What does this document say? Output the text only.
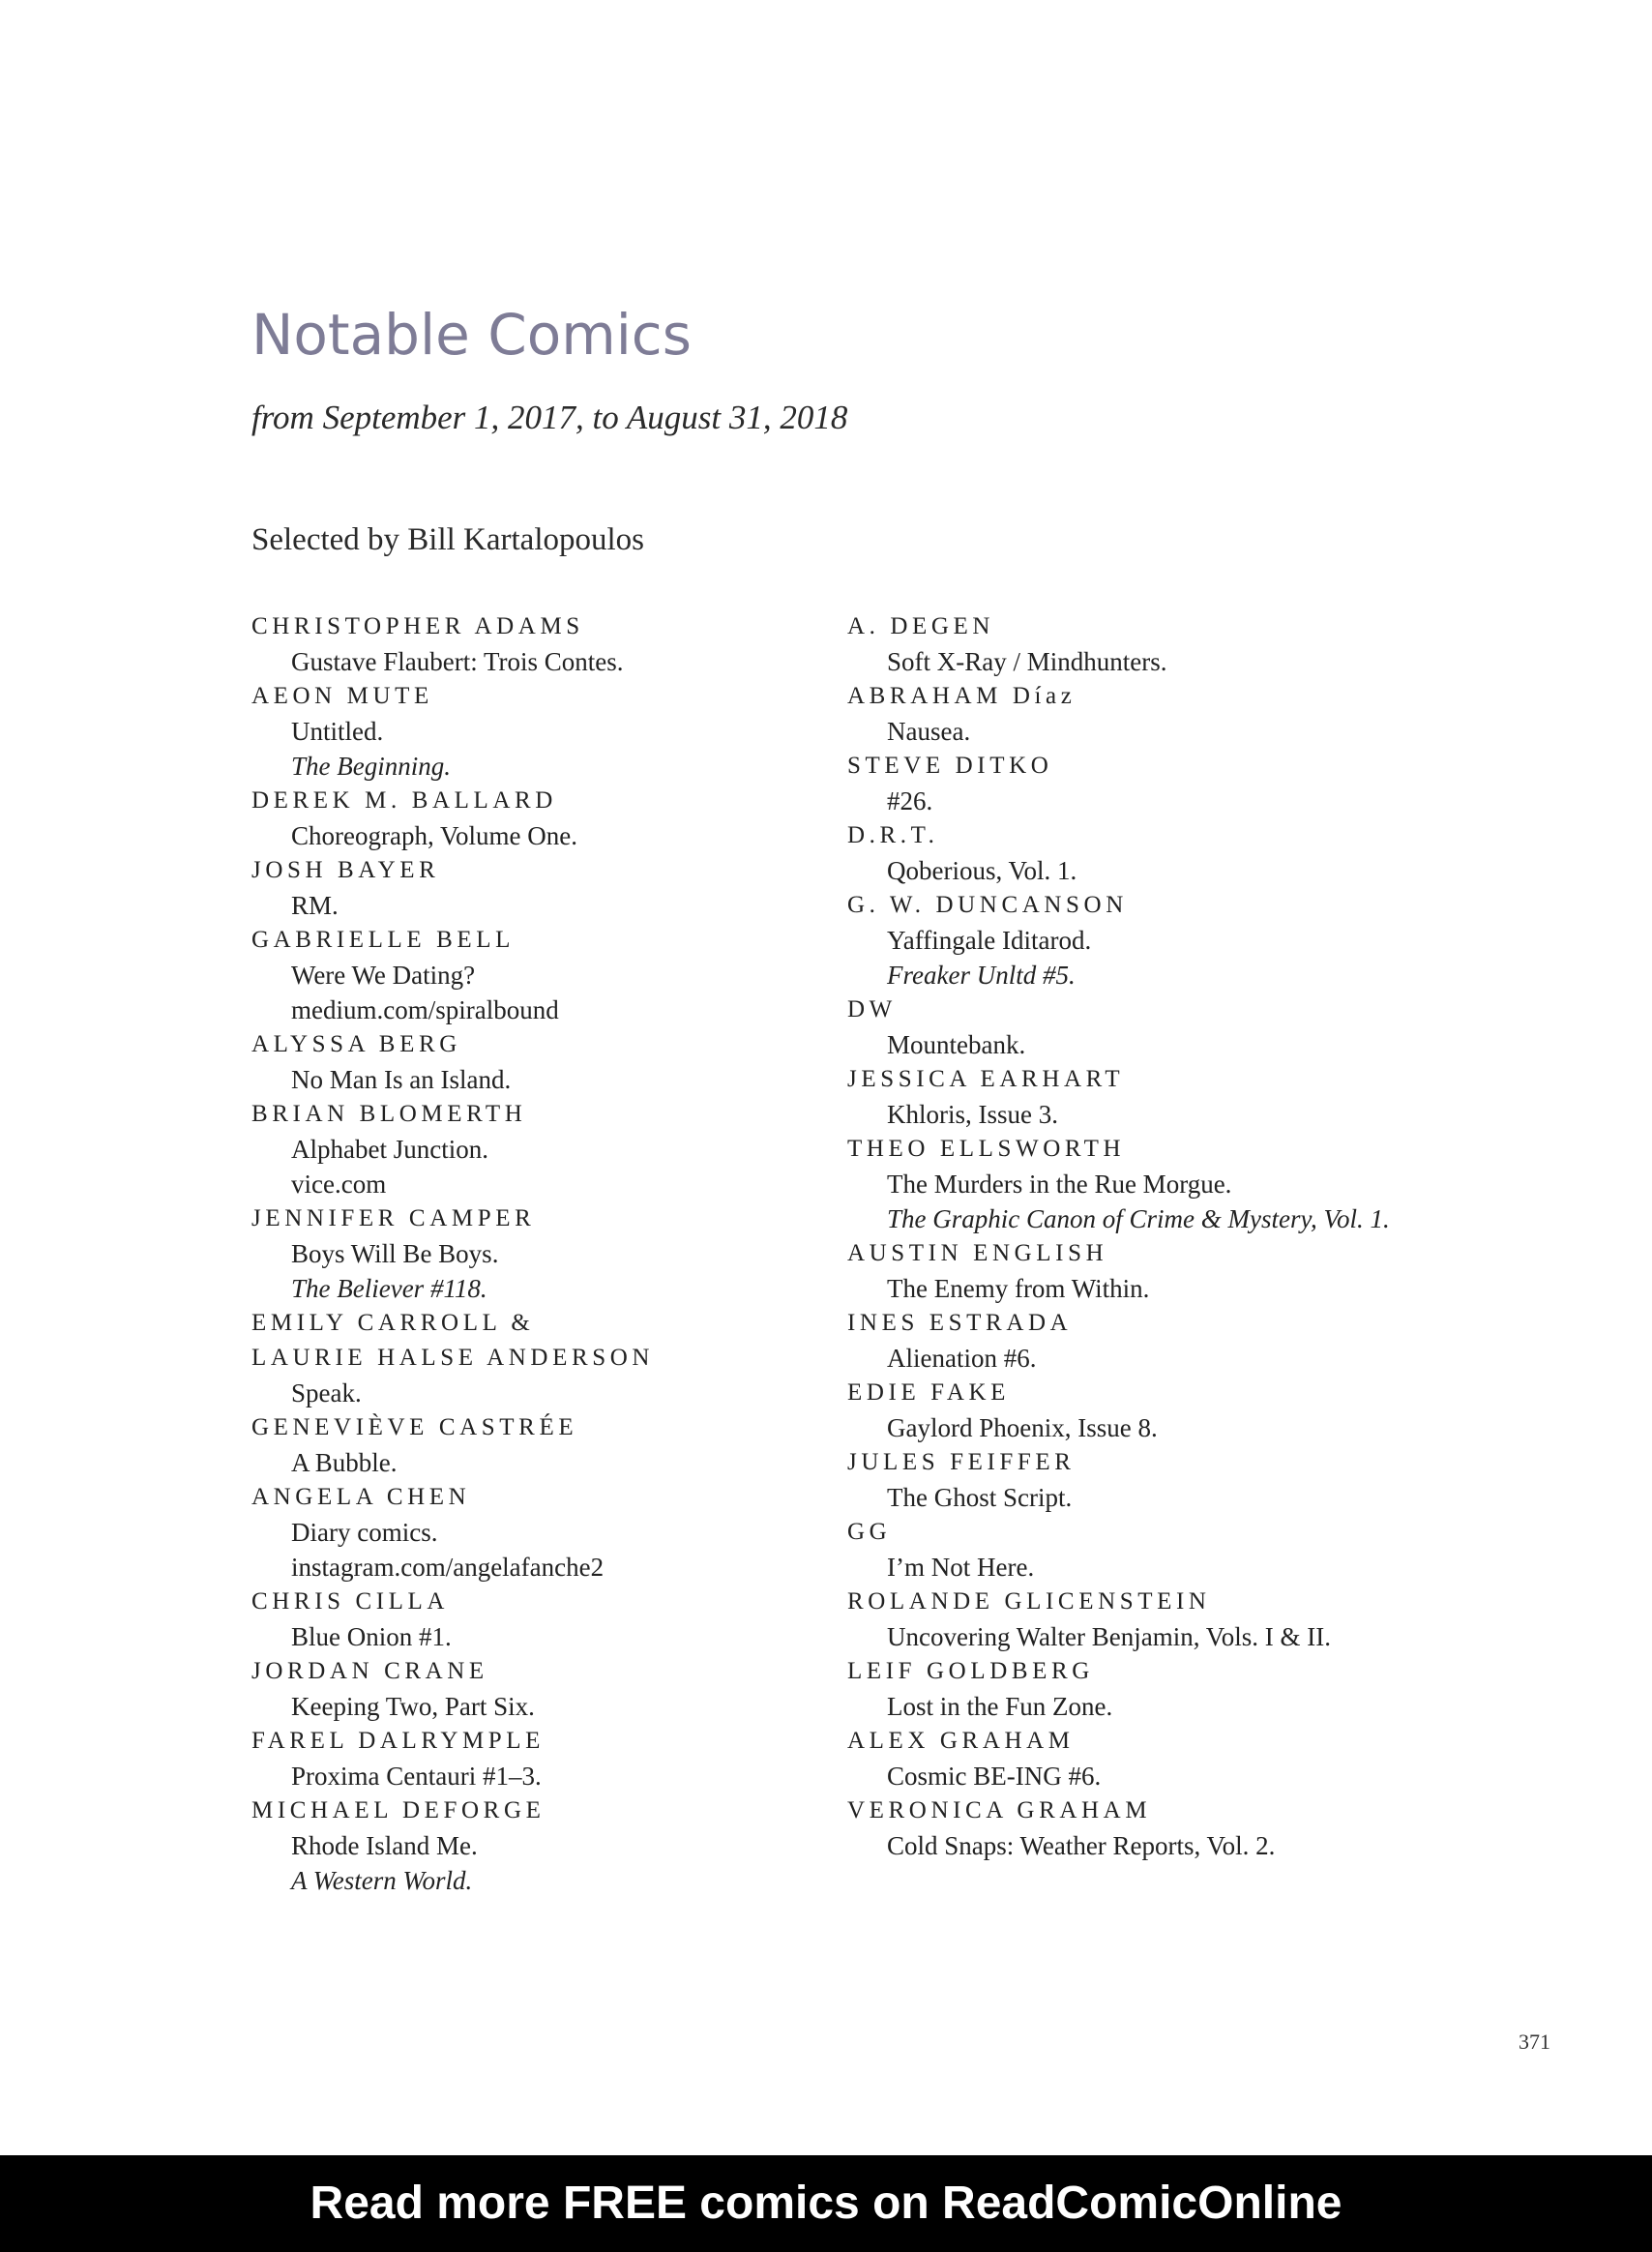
Notable Comics
from September 1, 2017, to August 31, 2018
Selected by Bill Kartalopoulos
CHRISTOPHER ADAMS
Gustave Flaubert: Trois Contes.
AEON MUTE
Untitled.
The Beginning.
DEREK M. BALLARD
Choreograph, Volume One.
JOSH BAYER
RM.
GABRIELLE BELL
Were We Dating?
medium.com/spiralbound
ALYSSA BERG
No Man Is an Island.
BRIAN BLOMERTH
Alphabet Junction.
vice.com
JENNIFER CAMPER
Boys Will Be Boys.
The Believer #118.
EMILY CARROLL &
LAURIE HALSE ANDERSON
Speak.
GENEVIÈVE CASTRÉE
A Bubble.
ANGELA CHEN
Diary comics.
instagram.com/angelafanche2
CHRIS CILLA
Blue Onion #1.
JORDAN CRANE
Keeping Two, Part Six.
FAREL DALRYMPLE
Proxima Centauri #1–3.
MICHAEL DEFORGE
Rhode Island Me.
A Western World.
A. DEGEN
Soft X-Ray / Mindhunters.
ABRAHAM Díaz
Nausea.
STEVE DITKO
#26.
D.R.T.
Qoberious, Vol. 1.
G. W. DUNCANSON
Yaffingale Iditarod.
Freaker Unltd #5.
DW
Mountebank.
JESSICA EARHART
Khloris, Issue 3.
THEO ELLSWORTH
The Murders in the Rue Morgue.
The Graphic Canon of Crime & Mystery, Vol. 1.
AUSTIN ENGLISH
The Enemy from Within.
INES ESTRADA
Alienation #6.
EDIE FAKE
Gaylord Phoenix, Issue 8.
JULES FEIFFER
The Ghost Script.
GG
I’m Not Here.
ROLANDE GLICENSTEIN
Uncovering Walter Benjamin, Vols. I & II.
LEIF GOLDBERG
Lost in the Fun Zone.
ALEX GRAHAM
Cosmic BE-ING #6.
VERONICA GRAHAM
Cold Snaps: Weather Reports, Vol. 2.
371
Read more FREE comics on ReadComicOnline
